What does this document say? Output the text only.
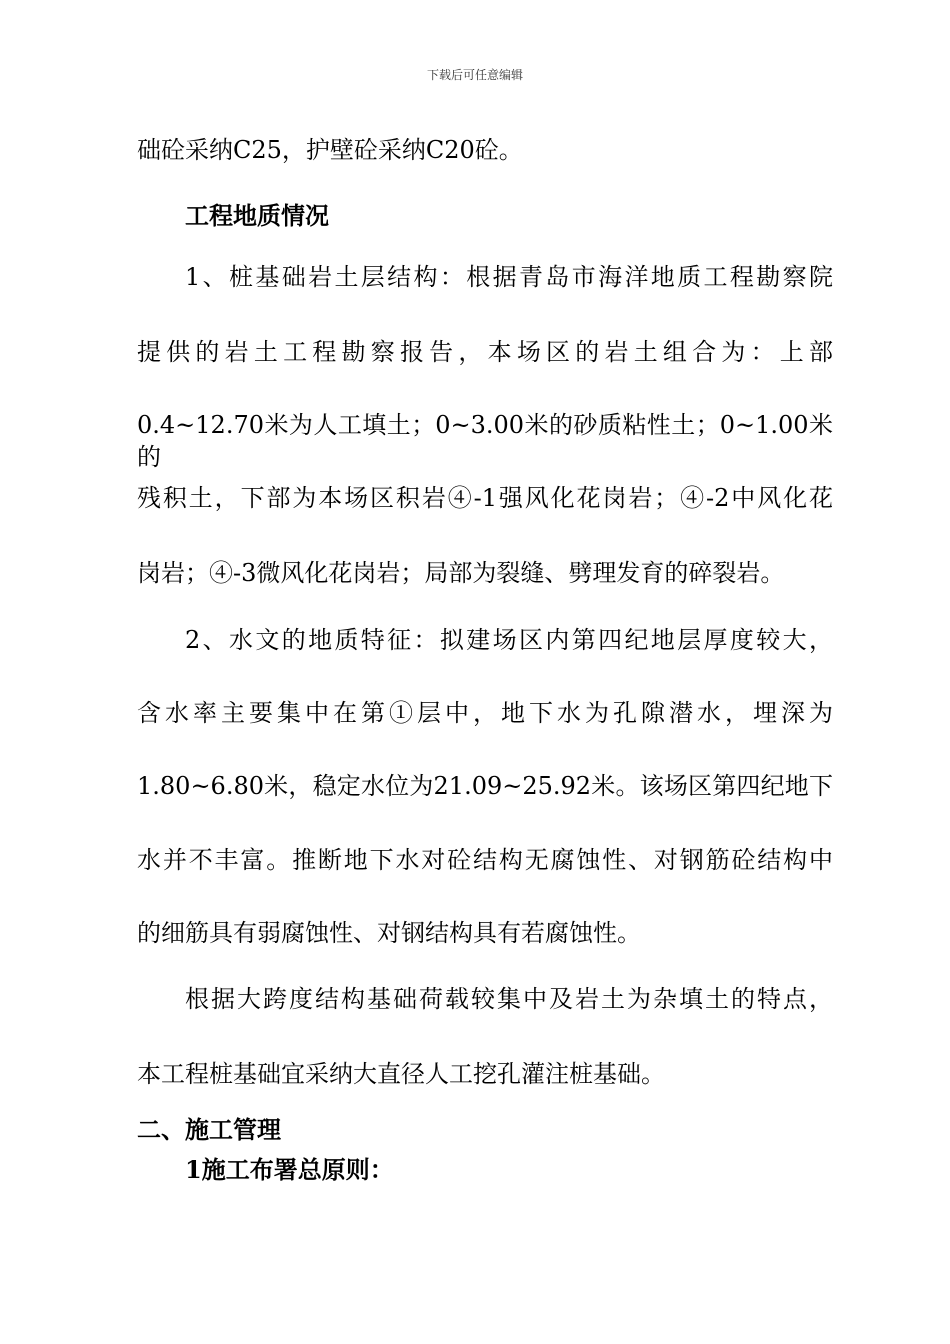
下载后可任意编辑
础砼采纳C25，护壁砼采纳C20砼。
工程地质情况
1、桩基础岩土层结构：根据青岛市海洋地质工程勘察院
提供的岩土工程勘察报告，本场区的岩土组合为：上部
0.4~12.70米为人工填土；0~3.00米的砂质粘性土；0~1.00米的
残积土，下部为本场区积岩④-1强风化花岗岩；④-2中风化花
岗岩；④-3微风化花岗岩；局部为裂缝、劈理发育的碎裂岩。
2、水文的地质特征：拟建场区内第四纪地层厚度较大，
含水率主要集中在第①层中，地下水为孔隙潜水，埋深为
1.80~6.80米，稳定水位为21.09~25.92米。该场区第四纪地下
水并不丰富。推断地下水对砼结构无腐蚀性、对钢筋砼结构中
的细筋具有弱腐蚀性、对钢结构具有若腐蚀性。
根据大跨度结构基础荷载较集中及岩土为杂填土的特点，
本工程桩基础宜采纳大直径人工挖孔灌注桩基础。
二、施工管理
1施工布署总原则：
